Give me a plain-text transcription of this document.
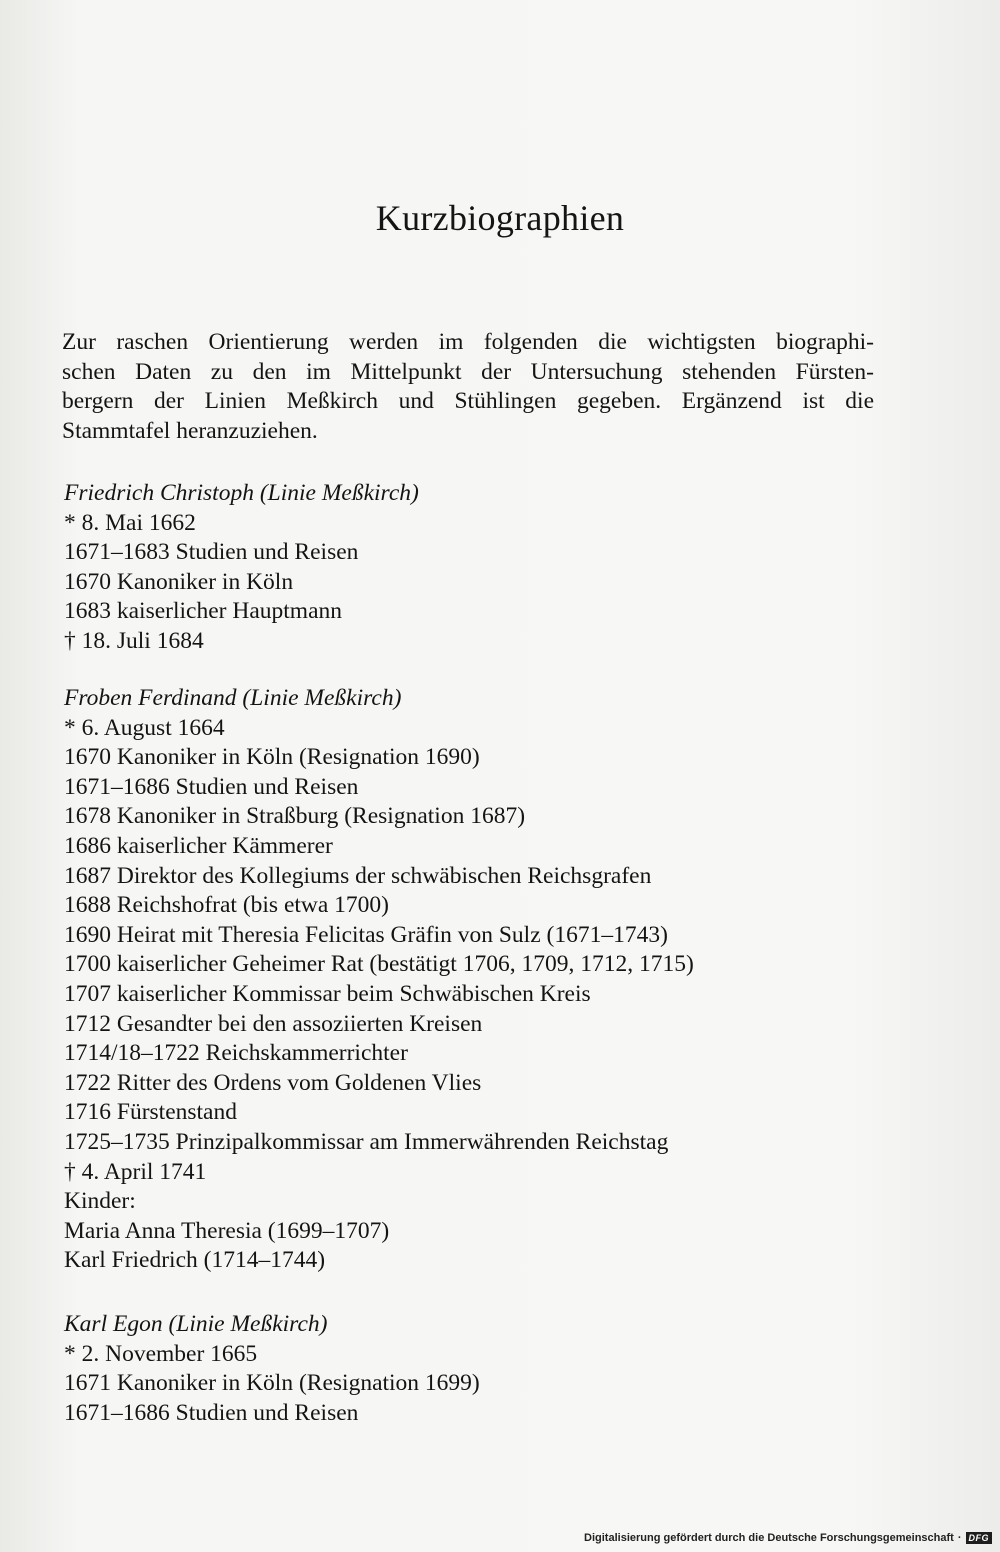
Kurzbiographien
Zur raschen Orientierung werden im folgenden die wichtigsten biographi-
schen Daten zu den im Mittelpunkt der Untersuchung stehenden Fürsten-
bergern der Linien Meßkirch und Stühlingen gegeben. Ergänzend ist die
Stammtafel heranzuziehen.
Friedrich Christoph (Linie Meßkirch)
* 8. Mai 1662
1671–1683 Studien und Reisen
1670 Kanoniker in Köln
1683 kaiserlicher Hauptmann
† 18. Juli 1684
Froben Ferdinand (Linie Meßkirch)
* 6. August 1664
1670 Kanoniker in Köln (Resignation 1690)
1671–1686 Studien und Reisen
1678 Kanoniker in Straßburg (Resignation 1687)
1686 kaiserlicher Kämmerer
1687 Direktor des Kollegiums der schwäbischen Reichsgrafen
1688 Reichshofrat (bis etwa 1700)
1690 Heirat mit Theresia Felicitas Gräfin von Sulz (1671–1743)
1700 kaiserlicher Geheimer Rat (bestätigt 1706, 1709, 1712, 1715)
1707 kaiserlicher Kommissar beim Schwäbischen Kreis
1712 Gesandter bei den assoziierten Kreisen
1714/18–1722 Reichskammerrichter
1722 Ritter des Ordens vom Goldenen Vlies
1716 Fürstenstand
1725–1735 Prinzipalkommissar am Immerwährenden Reichstag
† 4. April 1741
Kinder:
Maria Anna Theresia (1699–1707)
Karl Friedrich (1714–1744)
Karl Egon (Linie Meßkirch)
* 2. November 1665
1671 Kanoniker in Köln (Resignation 1699)
1671–1686 Studien und Reisen
Digitalisierung gefördert durch die Deutsche Forschungsgemeinschaft · DFG
